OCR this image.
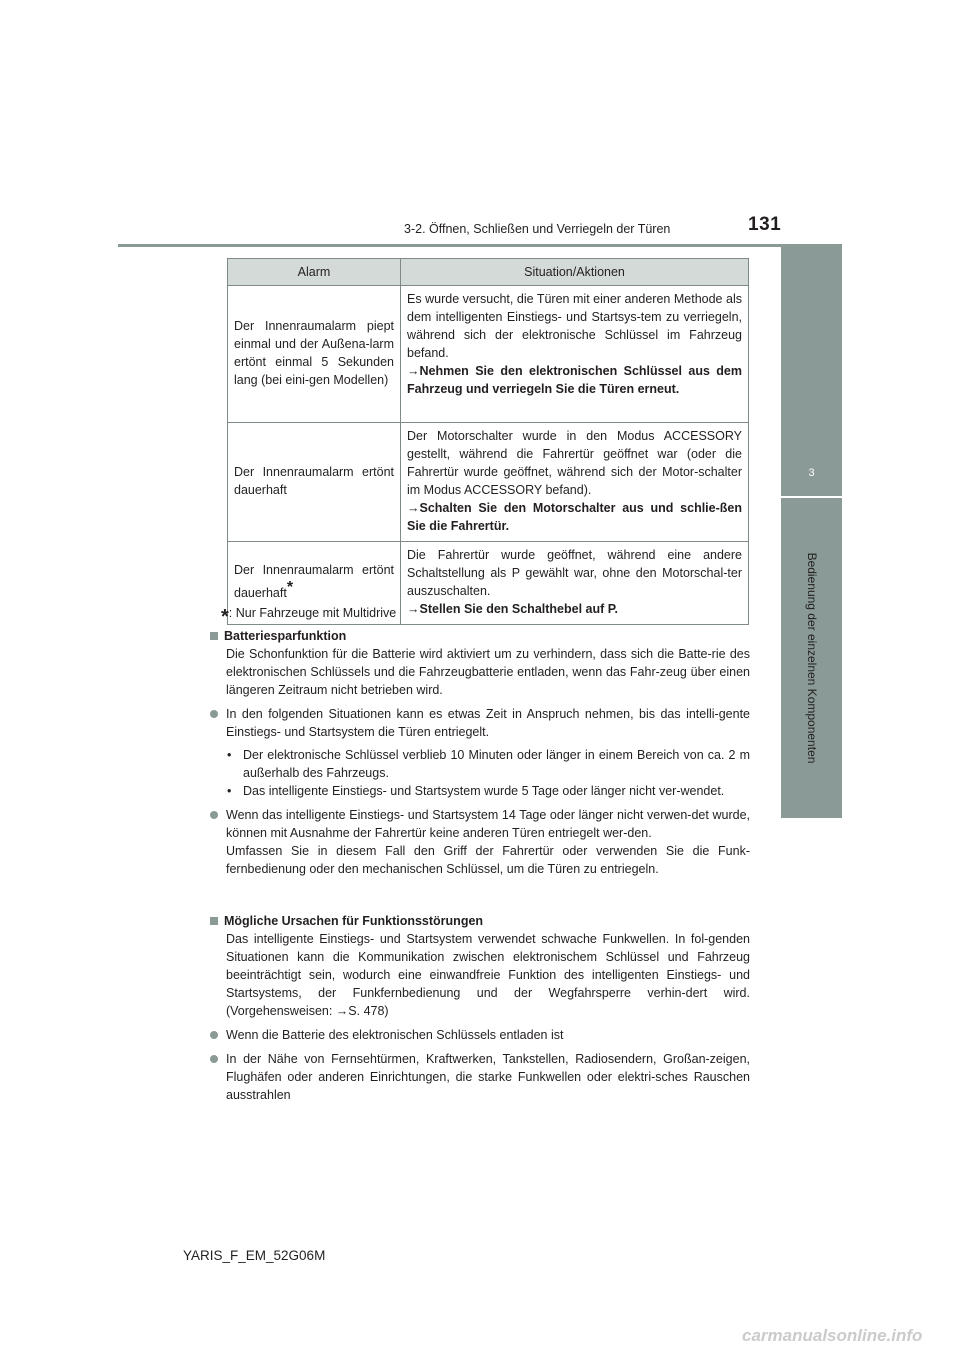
3-2. Öffnen, Schließen und Verriegeln der Türen	131
3
Bedienung der einzelnen Komponenten
Alarm	Situation/Aktionen
Der Innenraumalarm piept einmal und der Außena-larm ertönt einmal 5 Sekunden lang (bei eini-gen Modellen)	Es wurde versucht, die Türen mit einer anderen Methode als dem intelligenten Einstiegs- und Startsys-tem zu verriegeln, während sich der elektronische Schlüssel im Fahrzeug befand.
→Nehmen Sie den elektronischen Schlüssel aus dem Fahrzeug und verriegeln Sie die Türen erneut.
Der Innenraumalarm ertönt dauerhaft	Der Motorschalter wurde in den Modus ACCESSORY gestellt, während die Fahrertür geöffnet war (oder die Fahrertür wurde geöffnet, während sich der Motor-schalter im Modus ACCESSORY befand).
→Schalten Sie den Motorschalter aus und schlie-ßen Sie die Fahrertür.
Der Innenraumalarm ertönt dauerhaft*	Die Fahrertür wurde geöffnet, während eine andere Schaltstellung als P gewählt war, ohne den Motorschal-ter auszuschalten.
→Stellen Sie den Schalthebel auf P.
*: Nur Fahrzeuge mit Multidrive
Batteriesparfunktion
Die Schonfunktion für die Batterie wird aktiviert um zu verhindern, dass sich die Batte-rie des elektronischen Schlüssels und die Fahrzeugbatterie entladen, wenn das Fahr-zeug über einen längeren Zeitraum nicht betrieben wird.
In den folgenden Situationen kann es etwas Zeit in Anspruch nehmen, bis das intelli-gente Einstiegs- und Startsystem die Türen entriegelt.
• Der elektronische Schlüssel verblieb 10 Minuten oder länger in einem Bereich von ca. 2 m außerhalb des Fahrzeugs.
• Das intelligente Einstiegs- und Startsystem wurde 5 Tage oder länger nicht ver-wendet.
Wenn das intelligente Einstiegs- und Startsystem 14 Tage oder länger nicht verwen-det wurde, können mit Ausnahme der Fahrertür keine anderen Türen entriegelt wer-den.
Umfassen Sie in diesem Fall den Griff der Fahrertür oder verwenden Sie die Funk-fernbedienung oder den mechanischen Schlüssel, um die Türen zu entriegeln.
Mögliche Ursachen für Funktionsstörungen
Das intelligente Einstiegs- und Startsystem verwendet schwache Funkwellen. In fol-genden Situationen kann die Kommunikation zwischen elektronischem Schlüssel und Fahrzeug beeinträchtigt sein, wodurch eine einwandfreie Funktion des intelligenten Einstiegs- und Startsystems, der Funkfernbedienung und der Wegfahrsperre verhin-dert wird. (Vorgehensweisen: →S. 478)
Wenn die Batterie des elektronischen Schlüssels entladen ist
In der Nähe von Fernsehtürmen, Kraftwerken, Tankstellen, Radiosendern, Großan-zeigen, Flughäfen oder anderen Einrichtungen, die starke Funkwellen oder elektri-sches Rauschen ausstrahlen
YARIS_F_EM_52G06M
carmanualsonline.info
